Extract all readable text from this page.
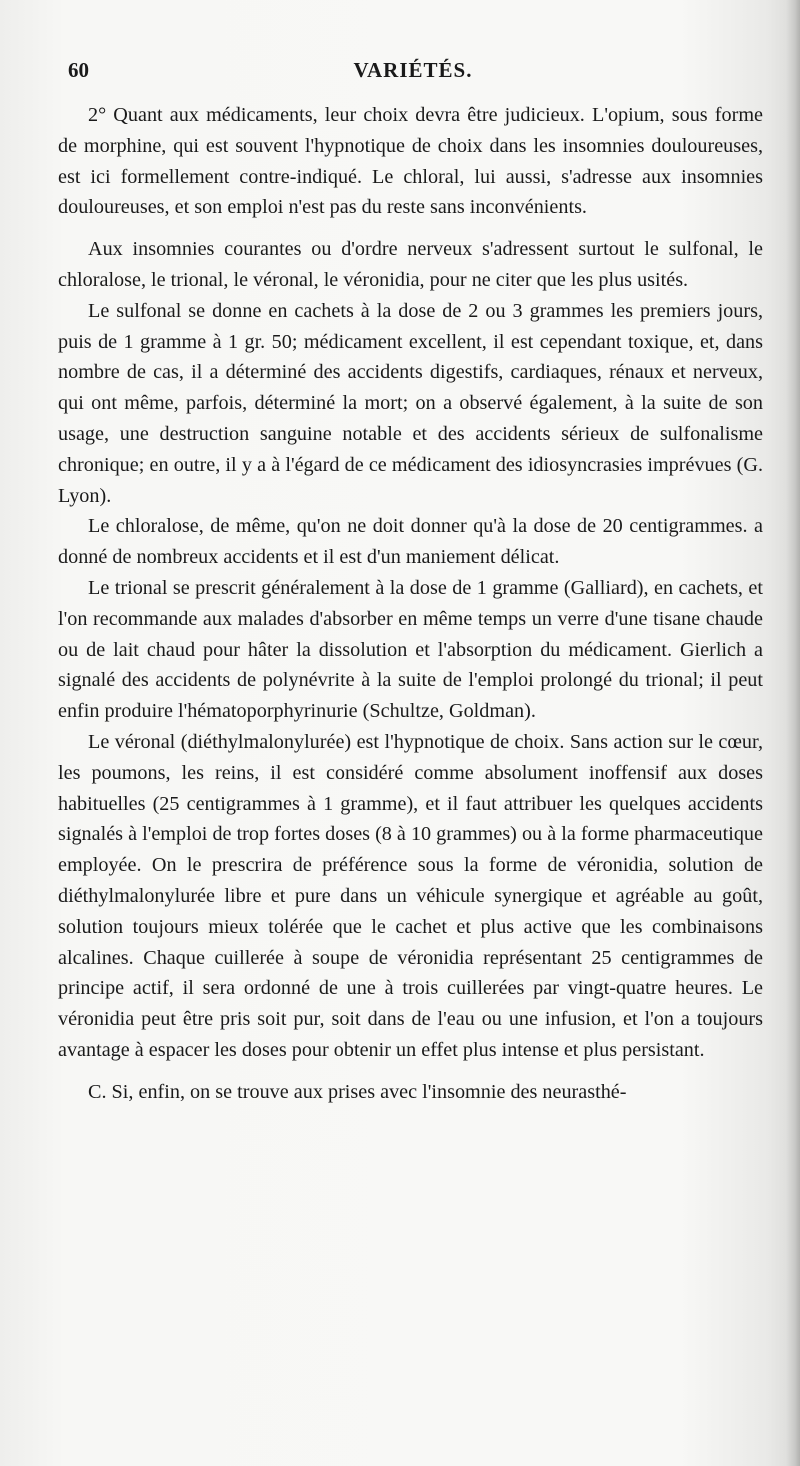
60	VARIÉTÉS.

2° Quant aux médicaments, leur choix devra être judicieux. L'opium, sous forme de morphine, qui est souvent l'hypnotique de choix dans les insomnies douloureuses, est ici formellement contre-indiqué. Le chloral, lui aussi, s'adresse aux insomnies douloureuses, et son emploi n'est pas du reste sans inconvénients.

Aux insomnies courantes ou d'ordre nerveux s'adressent surtout le sulfonal, le chloralose, le trional, le véronal, le véronidia, pour ne citer que les plus usités.

Le sulfonal se donne en cachets à la dose de 2 ou 3 grammes les premiers jours, puis de 1 gramme à 1 gr. 50; médicament excellent, il est cependant toxique, et, dans nombre de cas, il a déterminé des accidents digestifs, cardiaques, rénaux et nerveux, qui ont même, parfois, déterminé la mort; on a observé également, à la suite de son usage, une destruction sanguine notable et des accidents sérieux de sulfonalisme chronique; en outre, il y a à l'égard de ce médicament des idiosyncrasies imprévues (G. Lyon).

Le chloralose, de même, qu'on ne doit donner qu'à la dose de 20 centigrammes. a donné de nombreux accidents et il est d'un maniement délicat.

Le trional se prescrit généralement à la dose de 1 gramme (Galliard), en cachets, et l'on recommande aux malades d'absorber en même temps un verre d'une tisane chaude ou de lait chaud pour hâter la dissolution et l'absorption du médicament. Gierlich a signalé des accidents de polynévrite à la suite de l'emploi prolongé du trional; il peut enfin produire l'hématoporphyrinurie (Schultze, Goldman).

Le véronal (diéthylmalonylurée) est l'hypnotique de choix. Sans action sur le cœur, les poumons, les reins, il est considéré comme absolument inoffensif aux doses habituelles (25 centigrammes à 1 gramme), et il faut attribuer les quelques accidents signalés à l'emploi de trop fortes doses (8 à 10 grammes) ou à la forme pharmaceutique employée. On le prescrira de préférence sous la forme de véronidia, solution de diéthylmalonylurée libre et pure dans un véhicule synergique et agréable au goût, solution toujours mieux tolérée que le cachet et plus active que les combinaisons alcalines. Chaque cuillerée à soupe de véronidia représentant 25 centigrammes de principe actif, il sera ordonné de une à trois cuillerées par vingt-quatre heures. Le véronidia peut être pris soit pur, soit dans de l'eau ou une infusion, et l'on a toujours avantage à espacer les doses pour obtenir un effet plus intense et plus persistant.

C. Si, enfin, on se trouve aux prises avec l'insomnie des neurasthé-
